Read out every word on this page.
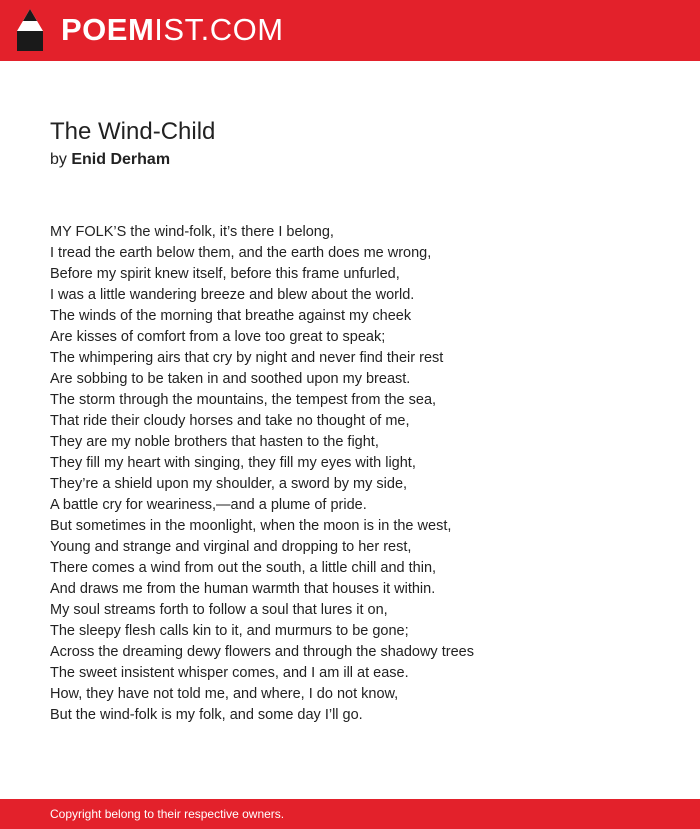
POEMIST.COM
The Wind-Child
by Enid Derham
MY FOLK’S the wind-folk, it’s there I belong,
I tread the earth below them, and the earth does me wrong,
Before my spirit knew itself, before this frame unfurled,
I was a little wandering breeze and blew about the world.
The winds of the morning that breathe against my cheek
Are kisses of comfort from a love too great to speak;
The whimpering airs that cry by night and never find their rest
Are sobbing to be taken in and soothed upon my breast.
The storm through the mountains, the tempest from the sea,
That ride their cloudy horses and take no thought of me,
They are my noble brothers that hasten to the fight,
They fill my heart with singing, they fill my eyes with light,
They’re a shield upon my shoulder, a sword by my side,
A battle cry for weariness,—and a plume of pride.
But sometimes in the moonlight, when the moon is in the west,
Young and strange and virginal and dropping to her rest,
There comes a wind from out the south, a little chill and thin,
And draws me from the human warmth that houses it within.
My soul streams forth to follow a soul that lures it on,
The sleepy flesh calls kin to it, and murmurs to be gone;
Across the dreaming dewy flowers and through the shadowy trees
The sweet insistent whisper comes, and I am ill at ease.
How, they have not told me, and where, I do not know,
But the wind-folk is my folk, and some day I’ll go.
Copyright belong to their respective owners.
